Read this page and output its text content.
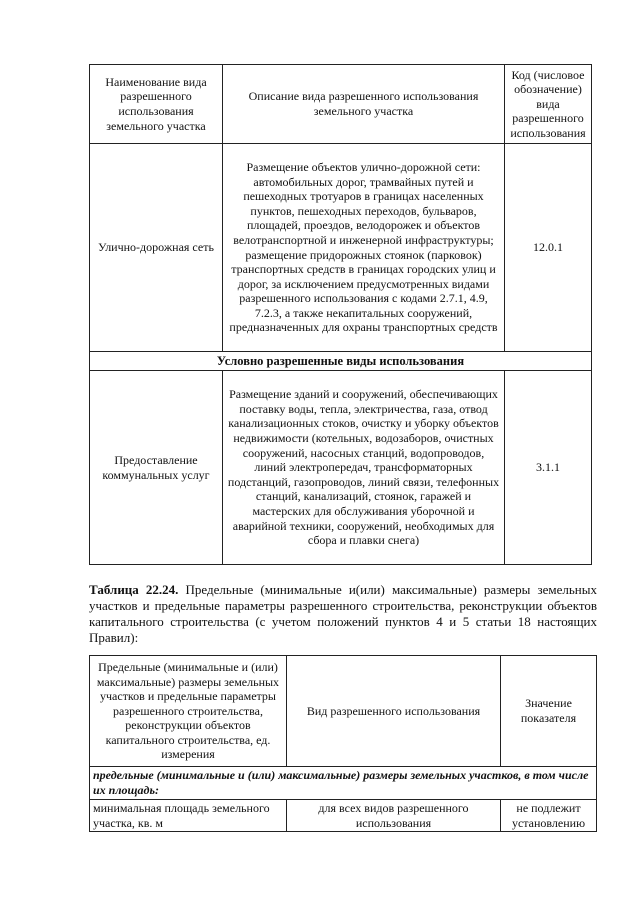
Наименование вида разрешенного использования земельного участка	Описание вида разрешенного использования земельного участка	Код (числовое обозначение) вида разрешенного использования
Улично-дорожная сеть	Размещение объектов улично-дорожной сети: автомобильных дорог, трамвайных путей и пешеходных тротуаров в границах населенных пунктов, пешеходных переходов, бульваров, площадей, проездов, велодорожек и объектов велотранспортной и инженерной инфраструктуры; размещение придорожных стоянок (парковок) транспортных средств в границах городских улиц и дорог, за исключением предусмотренных видами разрешенного использования с кодами 2.7.1, 4.9, 7.2.3, а также некапитальных сооружений, предназначенных для охраны транспортных средств	12.0.1
Условно разрешенные виды использования		
Предоставление коммунальных услуг	Размещение зданий и сооружений, обеспечивающих поставку воды, тепла, электричества, газа, отвод канализационных стоков, очистку и уборку объектов недвижимости (котельных, водозаборов, очистных сооружений, насосных станций, водопроводов, линий электропередач, трансформаторных подстанций, газопроводов, линий связи, телефонных станций, канализаций, стоянок, гаражей и мастерских для обслуживания уборочной и аварийной техники, сооружений, необходимых для сбора и плавки снега)	3.1.1

Таблица 22.24. Предельные (минимальные и(или) максимальные) размеры земельных участков и предельные параметры разрешенного строительства, реконструкции объектов капитального строительства (с учетом положений пунктов 4 и 5 статьи 18 настоящих Правил):

Предельные (минимальные и (или) максимальные) размеры земельных участков и предельные параметры разрешенного строительства, реконструкции объектов капитального строительства, ед. измерения	Вид разрешенного использования	Значение показателя
предельные (минимальные и (или) максимальные) размеры земельных участков, в том числе их площадь:		
минимальная площадь земельного участка, кв. м	для всех видов разрешенного использования	не подлежит установлению
